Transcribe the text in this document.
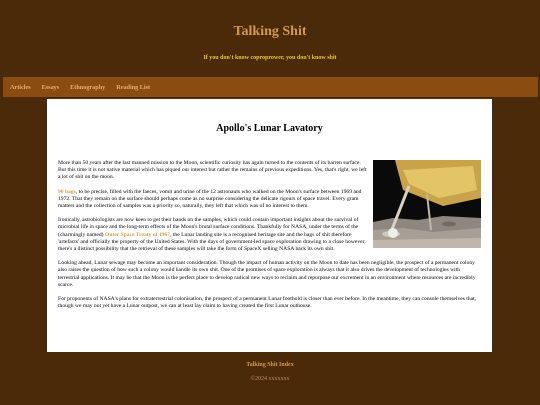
Talking Shit
If you don't know coproprower, you don't know shit
Articles Essays Ethnography Reading List
Apollo's Lunar Lavatory

More than 50 years after the last manned mission to the Moon, scientific curiosity has again turned to the contents of its barren surface. But this time it is not native material which has piqued our interest but rather the remains of previous expeditions. Yes, that's right, we left a lot of shit on the moon.

96 bags, to be precise, filled with the faeces, vomit and urine of the 12 astronauts who walked on the Moon's surface between 1969 and 1972. That they remain on the surface should perhaps come as no surprise considering the delicate rigours of space travel. Every gram matters and the collection of samples was a priority so, naturally, they left that which was of no interest to them.

Ironically, astrobiologists are now keen to get their hands on the samples, which could contain important insights about the survival of microbial life in space and the long-term effects of the Moon's brutal surface conditions. Thankfully for NASA, under the terms of the (charmingly named) Outer Space Treaty of 1967, the Lunar landing site is a recognised heritage site and the bags of shit therefore 'artefacts' and officially the property of the United States. With the days of government-led space exploration drawing to a close however, there's a distinct possibility that the retrieval of these samples will take the form of SpaceX selling NASA back its own shit.

Looking ahead, Lunar sewage may become an important consideration. Though the impact of human activity on the Moon to date has been negligible, the prospect of a permanent colony also raises the question of how such a colony would handle its own shit. One of the promises of space exploration is always that it also drives the development of technologies with terrestrial applications. It may be that the Moon is the perfect place to develop radical new ways to reclaim and repurpose our excrement in an environment where resources are incredibly scarce.

For proponents of NASA's plans for extraterrestrial colonisation, the prospect of a permanent Lunar foothold is closer than ever before. In the meantime, they can console themselves that, though we may not yet have a Lunar outpost, we can at least lay claim to having created the first Lunar outhouse.

Talking Shit Index
©2024 xxxxxxx
